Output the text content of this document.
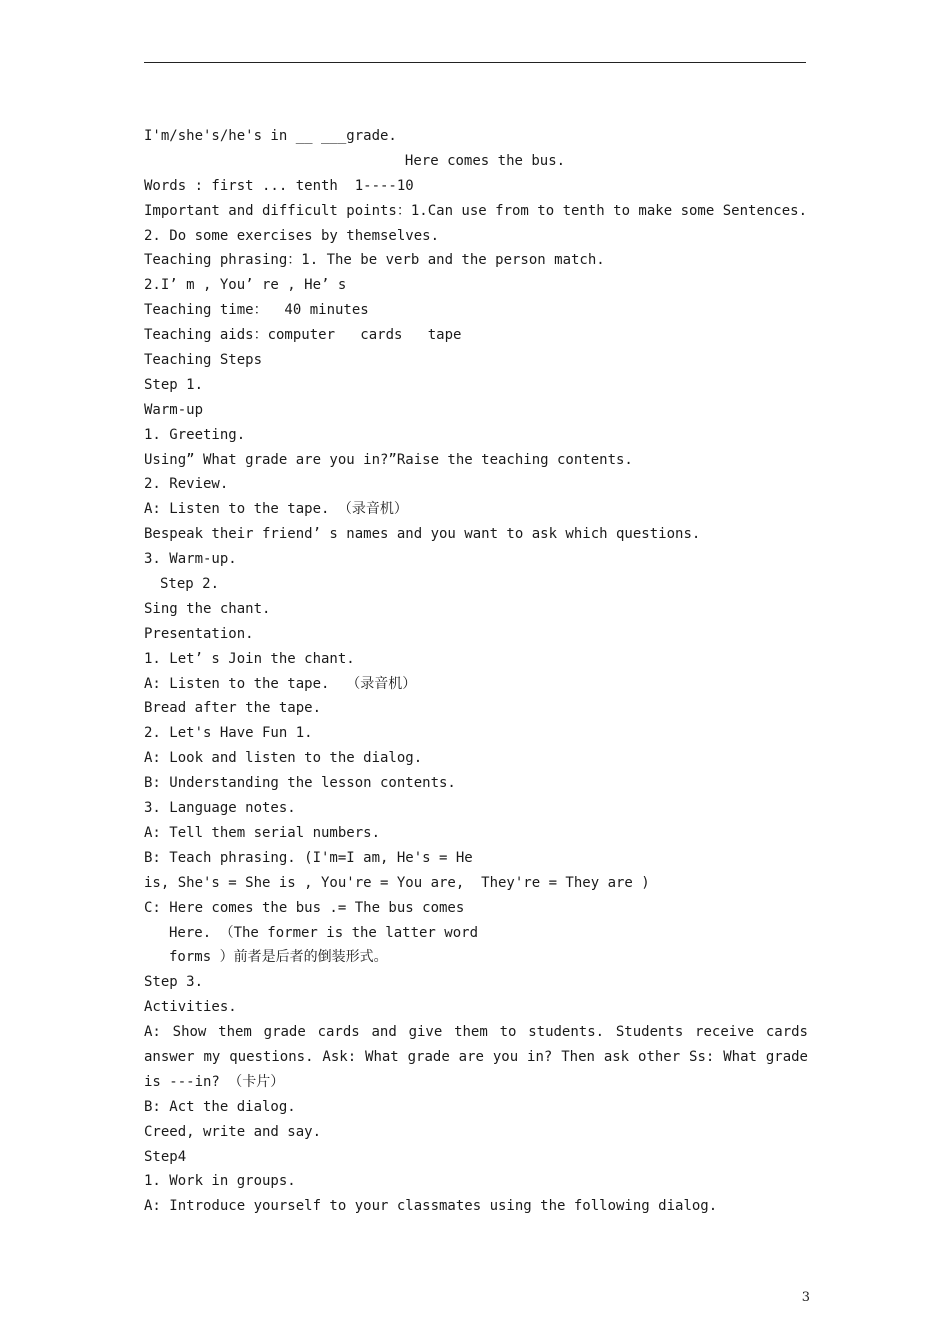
I'm/she's/he's in __ ___grade.
Here comes the bus.
Words : first ... tenth  1----10
Important and difficult points：1.Can use from to tenth to make some Sentences.
2. Do some exercises by themselves.
Teaching phrasing：1. The be verb and the person match.
2.I’ m , You’ re , He’ s
Teaching time：  40 minutes
Teaching aids：computer   cards   tape
Teaching Steps
Step 1.
Warm-up
1. Greeting.
Using” What grade are you in?”Raise the teaching contents.
2. Review.
A: Listen to the tape. （录音机）
Bespeak their friend’ s names and you want to ask which questions.
3. Warm-up.
Step 2.
Sing the chant.
Presentation.
1. Let’ s Join the chant.
A: Listen to the tape.  （录音机）
Bread after the tape.
2. Let's Have Fun 1.
A: Look and listen to the dialog.
B: Understanding the lesson contents.
3. Language notes.
A: Tell them serial numbers.
B: Teach phrasing. (I'm=I am, He's = He
is, She's = She is , You're = You are,  They're = They are )
C: Here comes the bus .= The bus comes
Here. （The former is the latter word
forms ）前者是后者的倒装形式。
Step 3.
Activities.
A: Show them grade cards and give them to students. Students receive cards
answer my questions. Ask: What grade are you in? Then ask other Ss: What grade
is ---in? （卡片）
B: Act the dialog.
Creed, write and say.
Step4
1. Work in groups.
A: Introduce yourself to your classmates using the following dialog.
3
